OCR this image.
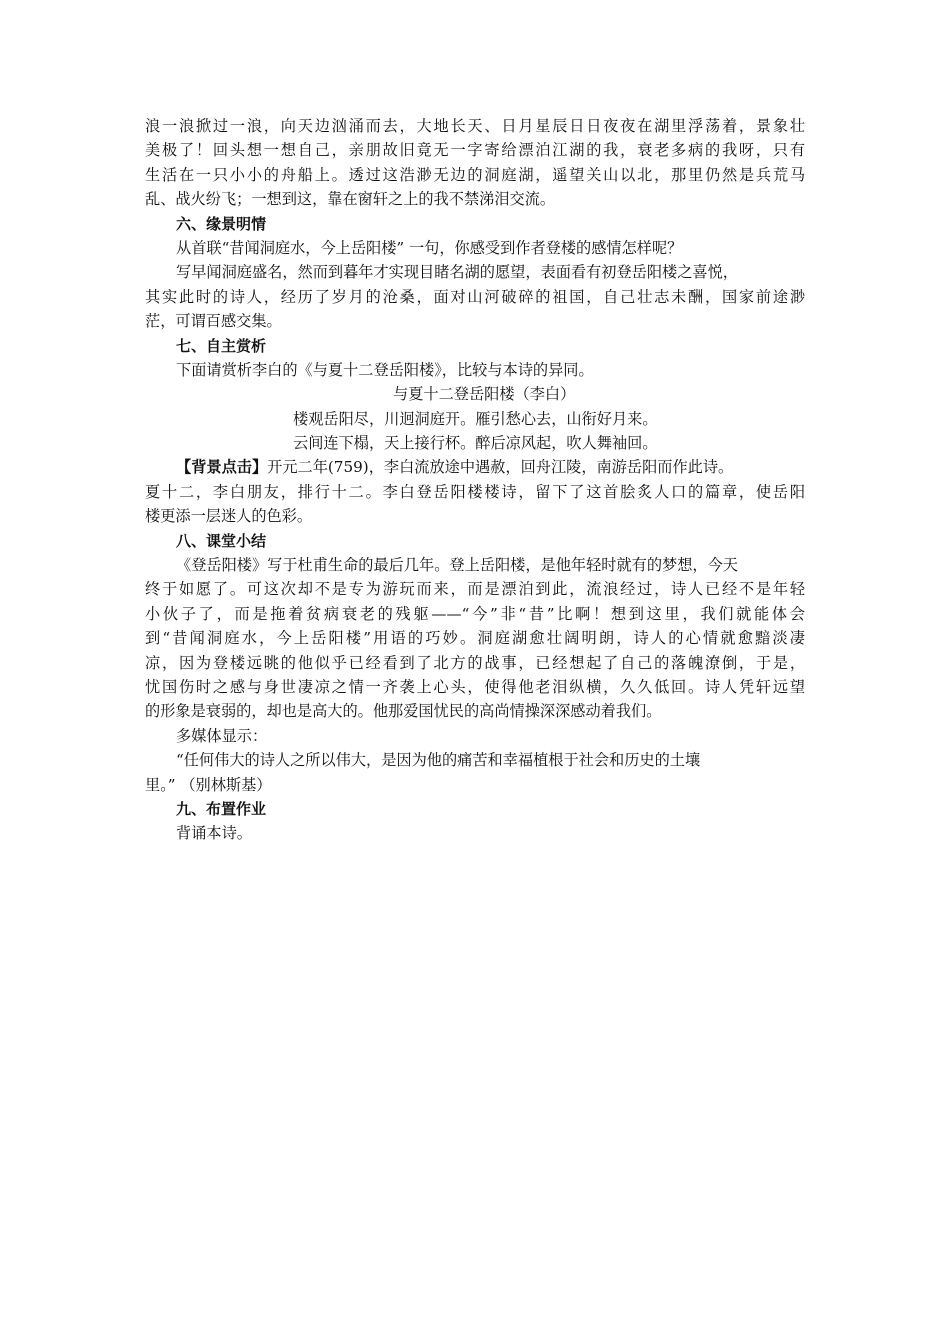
浪一浪掀过一浪，向天边汹涌而去，大地长天、日月星辰日日夜夜在湖里浮荡着，景象壮
美极了！回头想一想自己，亲朋故旧竟无一字寄给漂泊江湖的我，衰老多病的我呀，只有
生活在一只小小的舟船上。透过这浩渺无边的洞庭湖，遥望关山以北，那里仍然是兵荒马
乱、战火纷飞；一想到这，靠在窗轩之上的我不禁涕泪交流。
六、缘景明情
从首联“昔闻洞庭水，今上岳阳楼” 一句，你感受到作者登楼的感情怎样呢？
写早闻洞庭盛名，然而到暮年才实现目睹名湖的愿望，表面看有初登岳阳楼之喜悦，
其实此时的诗人，经历了岁月的沧桑，面对山河破碎的祖国，自己壮志未酬，国家前途渺
茫，可谓百感交集。
七、自主赏析
下面请赏析李白的《与夏十二登岳阳楼》，比较与本诗的异同。
与夏十二登岳阳楼（李白）
楼观岳阳尽，川迥洞庭开。雁引愁心去，山衔好月来。
云间连下榻，天上接行杯。醉后凉风起，吹人舞袖回。
【背景点击】开元二年(759)，李白流放途中遇赦，回舟江陵，南游岳阳而作此诗。
夏十二，李白朋友，排行十二。李白登岳阳楼楼诗，留下了这首脍炙人口的篇章，使岳阳
楼更添一层迷人的色彩。
八、课堂小结
《登岳阳楼》写于杜甫生命的最后几年。登上岳阳楼，是他年轻时就有的梦想，今天
终于如愿了。可这次却不是专为游玩而来，而是漂泊到此，流浪经过，诗人已经不是年轻
小伙子了，而是拖着贫病衰老的残躯——“今”非“昔”比啊！想到这里，我们就能体会
到“昔闻洞庭水，今上岳阳楼”用语的巧妙。洞庭湖愈壮阔明朗，诗人的心情就愈黯淡凄
凉，因为登楼远眺的他似乎已经看到了北方的战事，已经想起了自己的落魄潦倒，于是，
忧国伤时之感与身世凄凉之情一齐袭上心头，使得他老泪纵横，久久低回。诗人凭轩远望
的形象是衰弱的，却也是高大的。他那爱国忧民的高尚情操深深感动着我们。
多媒体显示：
“任何伟大的诗人之所以伟大，是因为他的痛苦和幸福植根于社会和历史的土壤
里。” （别林斯基）
九、布置作业
背诵本诗。
